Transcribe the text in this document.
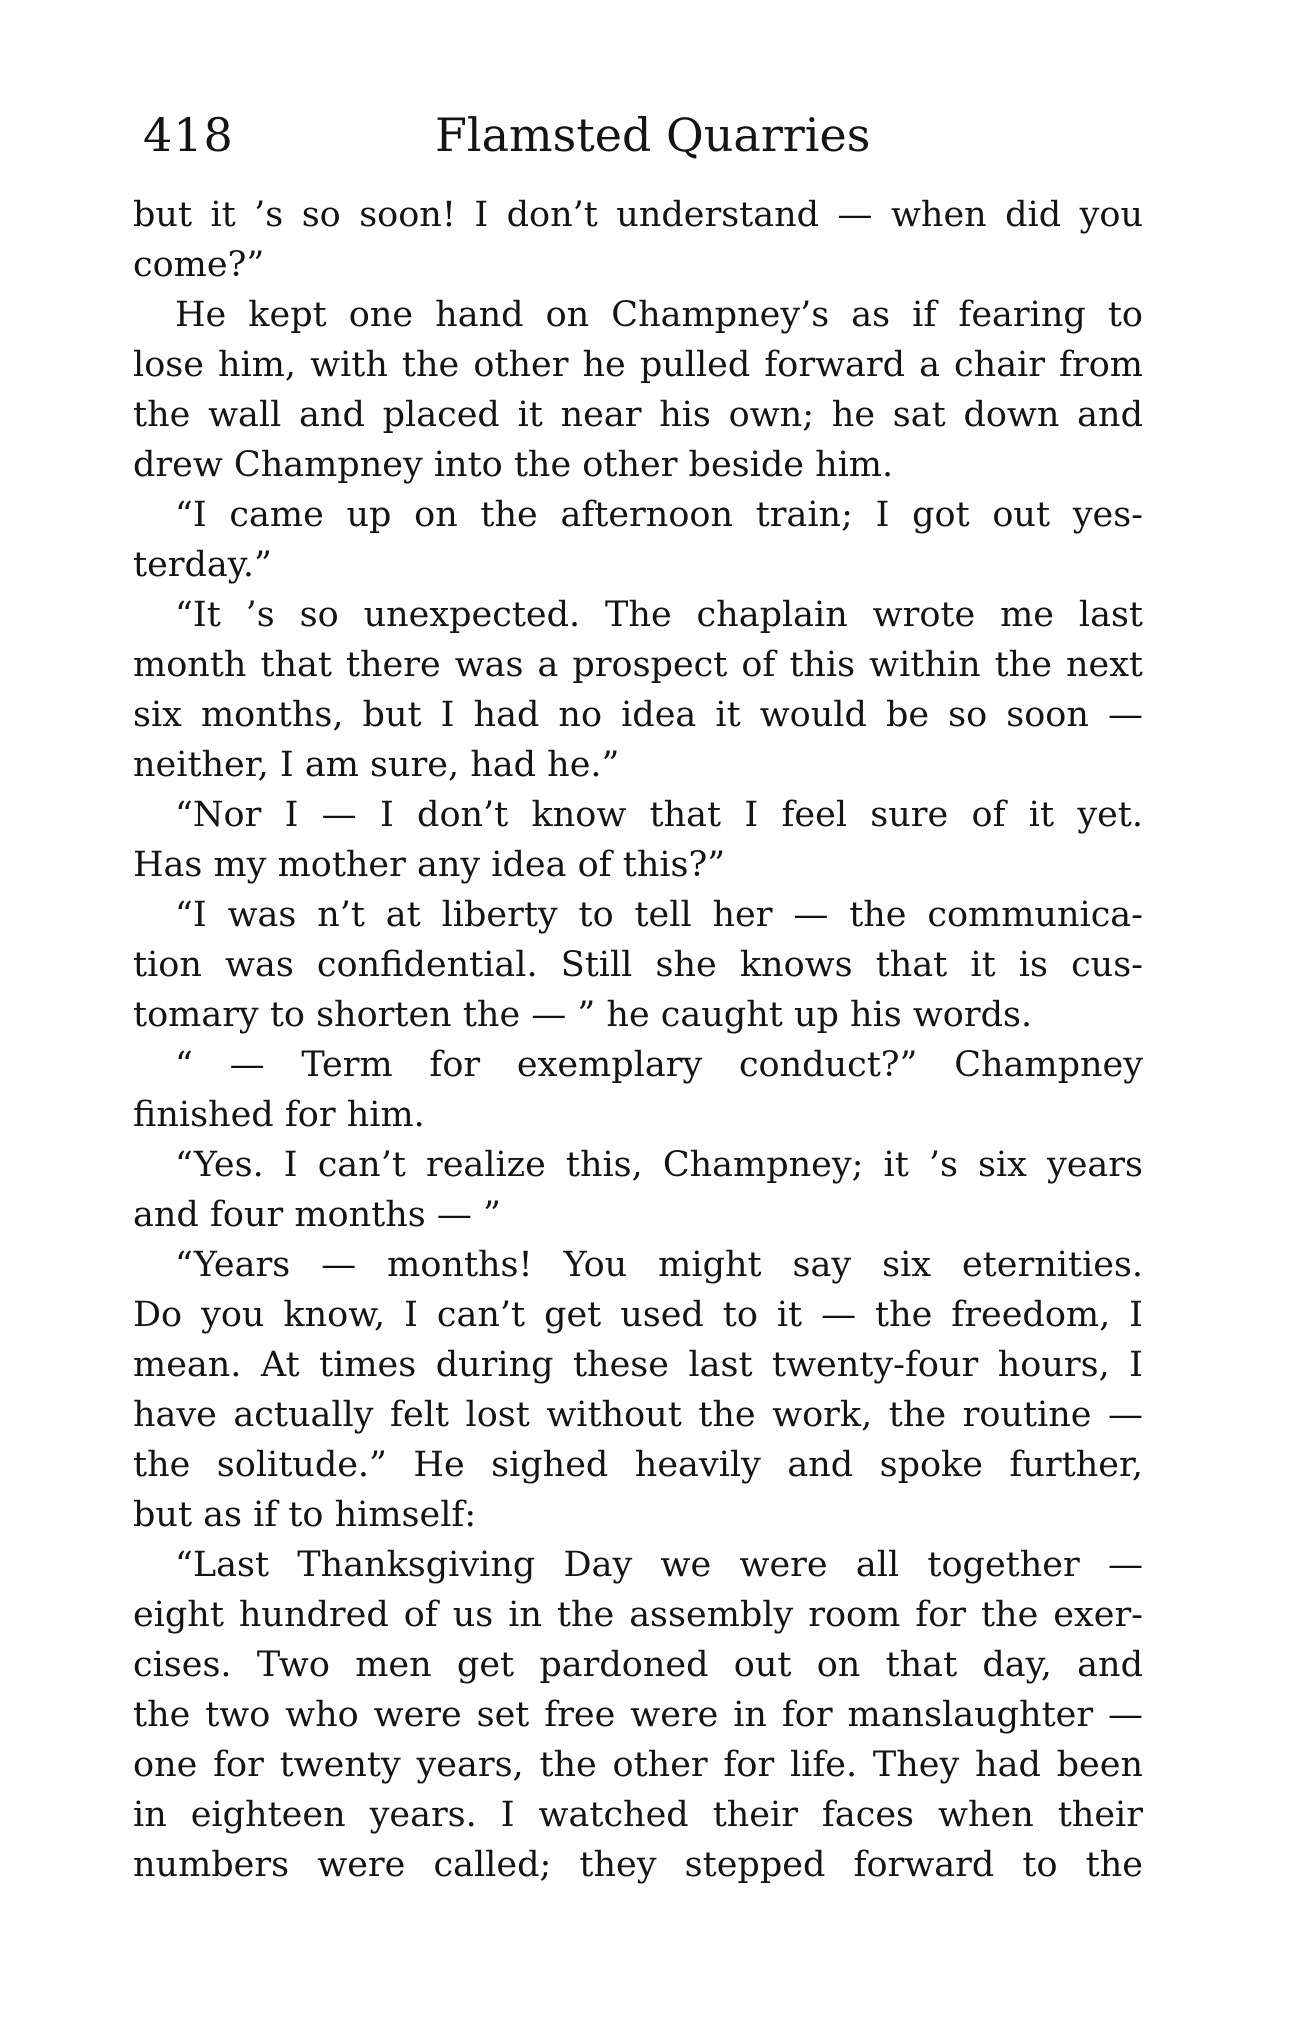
418	Flamsted Quarries
but it ’s so soon! I don’t understand — when did you
come?”
He kept one hand on Champney’s as if fearing to
lose him, with the other he pulled forward a chair from
the wall and placed it near his own; he sat down and
drew Champney into the other beside him.
“I came up on the afternoon train; I got out yes-
terday.”
“It ’s so unexpected. The chaplain wrote me last
month that there was a prospect of this within the next
six months, but I had no idea it would be so soon —
neither, I am sure, had he.”
“Nor I — I don’t know that I feel sure of it yet.
Has my mother any idea of this?”
“I was n’t at liberty to tell her — the communica-
tion was confidential. Still she knows that it is cus-
tomary to shorten the — ” he caught up his words.
“ — Term for exemplary conduct?” Champney
finished for him.
“Yes. I can’t realize this, Champney; it ’s six years
and four months — ”
“Years — months! You might say six eternities.
Do you know, I can’t get used to it — the freedom, I
mean. At times during these last twenty-four hours, I
have actually felt lost without the work, the routine —
the solitude.” He sighed heavily and spoke further,
but as if to himself:
“Last Thanksgiving Day we were all together —
eight hundred of us in the assembly room for the exer-
cises. Two men get pardoned out on that day, and
the two who were set free were in for manslaughter —
one for twenty years, the other for life. They had been
in eighteen years. I watched their faces when their
numbers were called; they stepped forward to the
